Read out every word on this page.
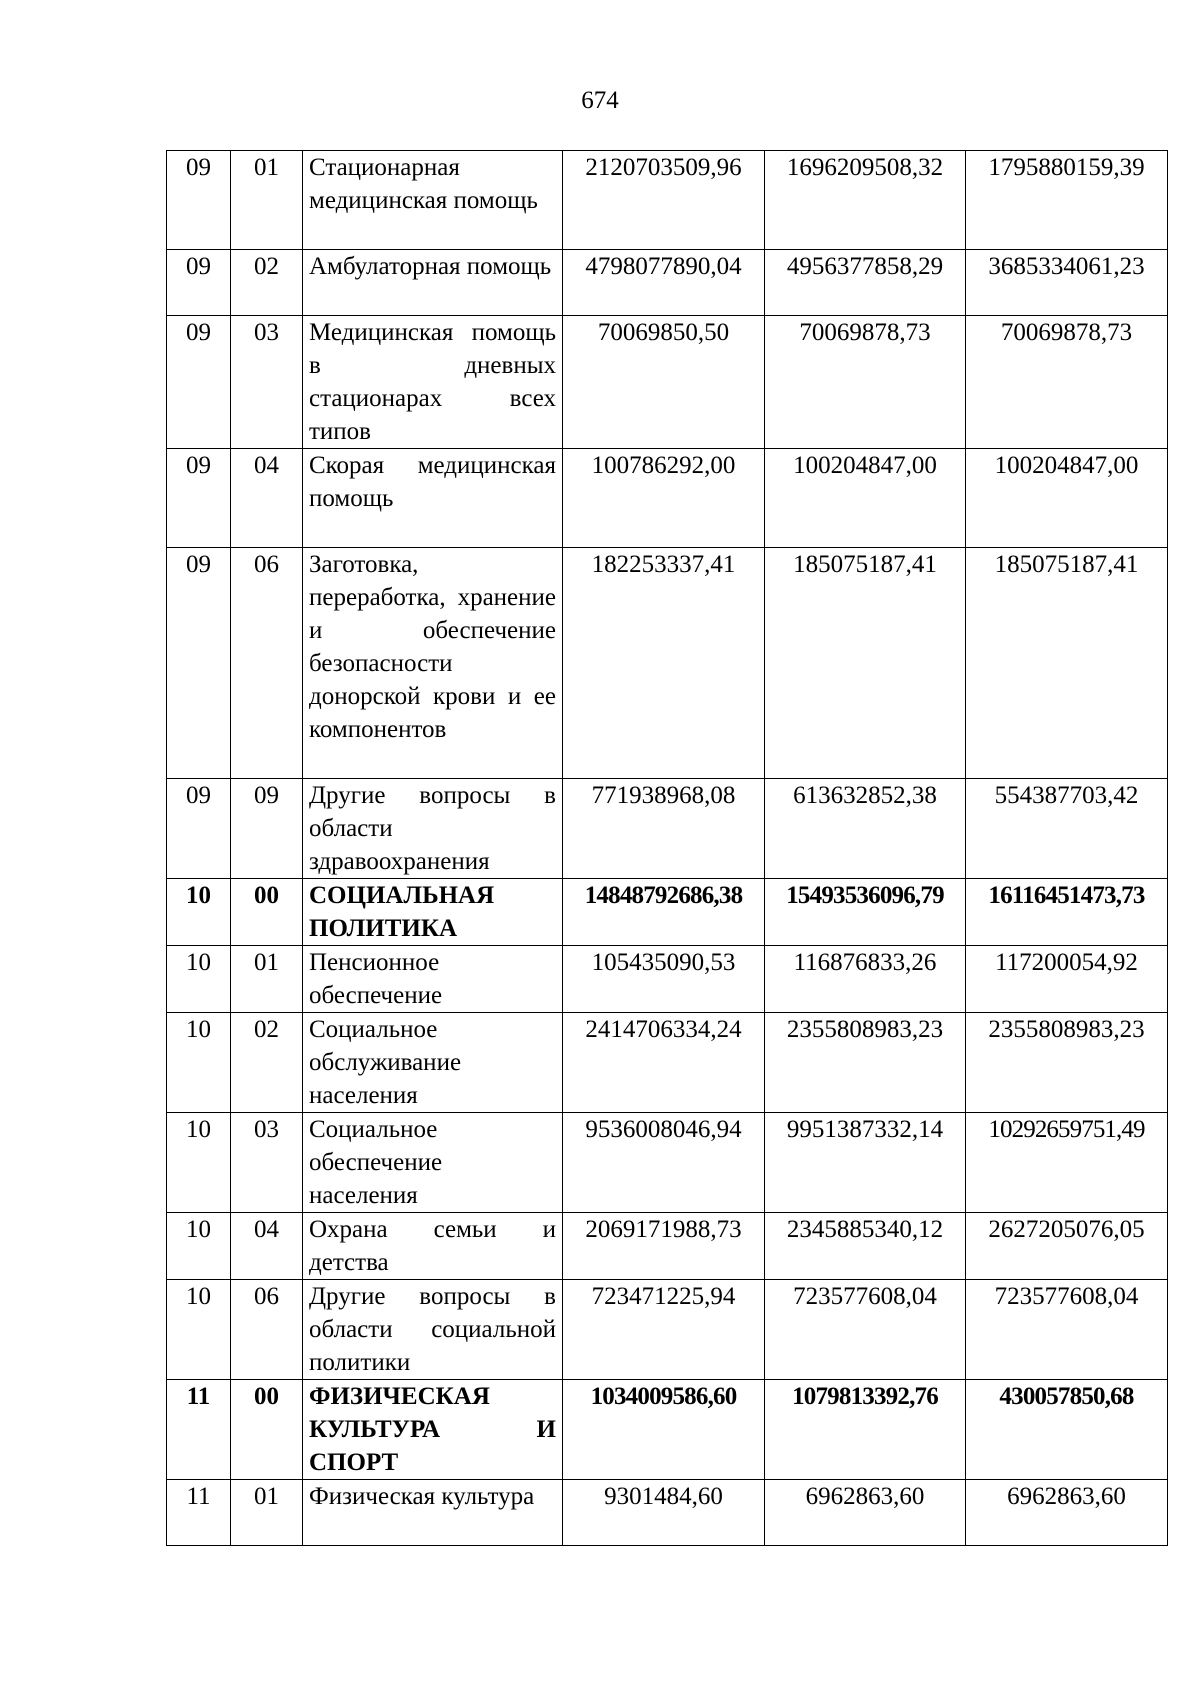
674
09	01	Стационарная медицинская помощь	2120703509,96	1696209508,32	1795880159,39
09	02	Амбулаторная помощь	4798077890,04	4956377858,29	3685334061,23
09	03	Медицинская помощь в дневных стационарах всех типов	70069850,50	70069878,73	70069878,73
09	04	Скорая медицинская помощь	100786292,00	100204847,00	100204847,00
09	06	Заготовка, переработка, хранение и обеспечение безопасности донорской крови и ее компонентов	182253337,41	185075187,41	185075187,41
09	09	Другие вопросы в области здравоохранения	771938968,08	613632852,38	554387703,42
10	00	СОЦИАЛЬНАЯ ПОЛИТИКА	14848792686,38	15493536096,79	16116451473,73
10	01	Пенсионное обеспечение	105435090,53	116876833,26	117200054,92
10	02	Социальное обслуживание населения	2414706334,24	2355808983,23	2355808983,23
10	03	Социальное обеспечение населения	9536008046,94	9951387332,14	10292659751,49
10	04	Охрана семьи и детства	2069171988,73	2345885340,12	2627205076,05
10	06	Другие вопросы в области социальной политики	723471225,94	723577608,04	723577608,04
11	00	ФИЗИЧЕСКАЯ КУЛЬТУРА И СПОРТ	1034009586,60	1079813392,76	430057850,68
11	01	Физическая культура	9301484,60	6962863,60	6962863,60
